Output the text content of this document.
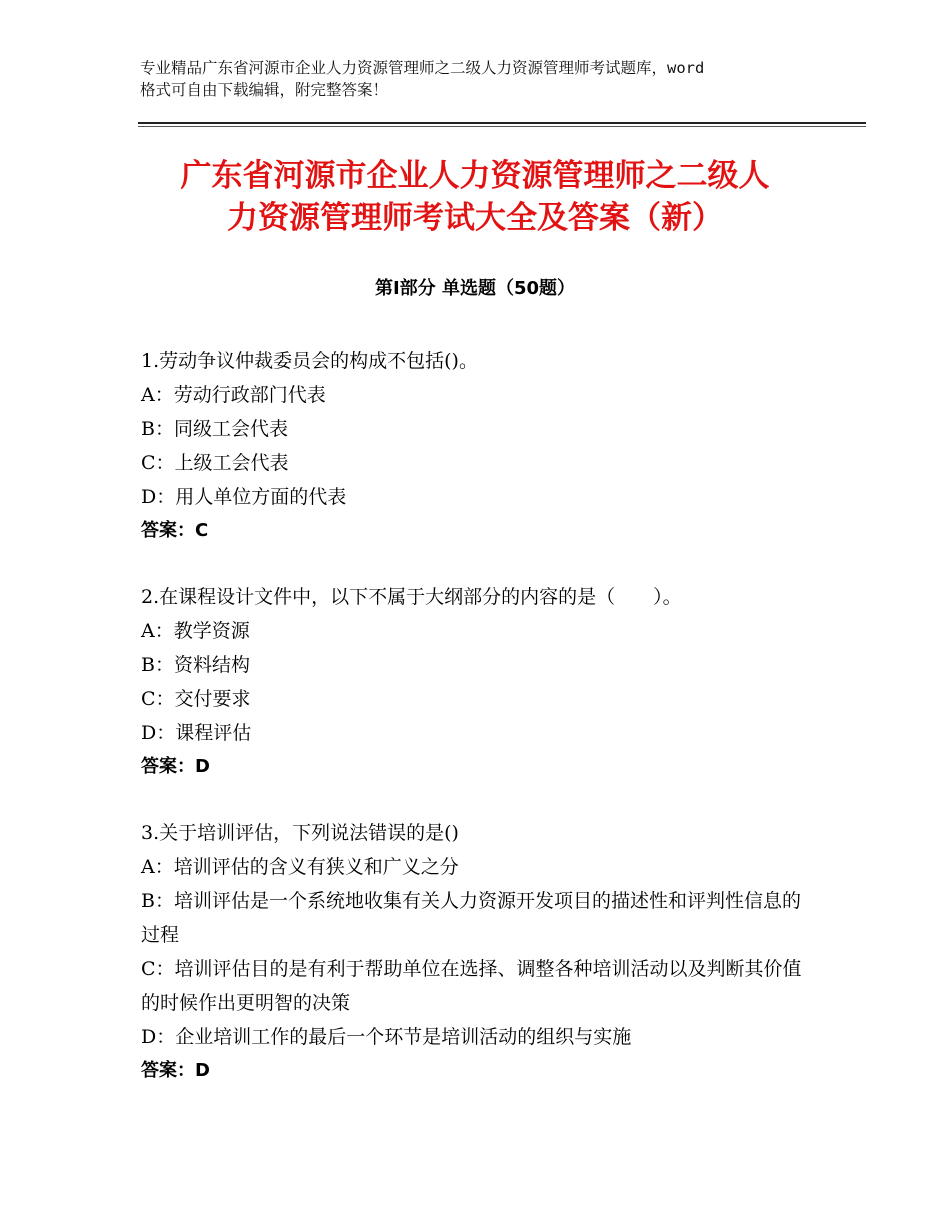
专业精品广东省河源市企业人力资源管理师之二级人力资源管理师考试题库，word
格式可自由下载编辑，附完整答案！
广东省河源市企业人力资源管理师之二级人
力资源管理师考试大全及答案（新）
第Ⅰ部分 单选题（50题）
1.劳动争议仲裁委员会的构成不包括()。
A：劳动行政部门代表
B：同级工会代表
C：上级工会代表
D：用人单位方面的代表
答案：C
2.在课程设计文件中，以下不属于大纲部分的内容的是（　　）。
A：教学资源
B：资料结构
C：交付要求
D：课程评估
答案：D
3.关于培训评估，下列说法错误的是()
A：培训评估的含义有狭义和广义之分
B：培训评估是一个系统地收集有关人力资源开发项目的描述性和评判性信息的过程
C：培训评估目的是有利于帮助单位在选择、调整各种培训活动以及判断其价值的时候作出更明智的决策
D：企业培训工作的最后一个环节是培训活动的组织与实施
答案：D
